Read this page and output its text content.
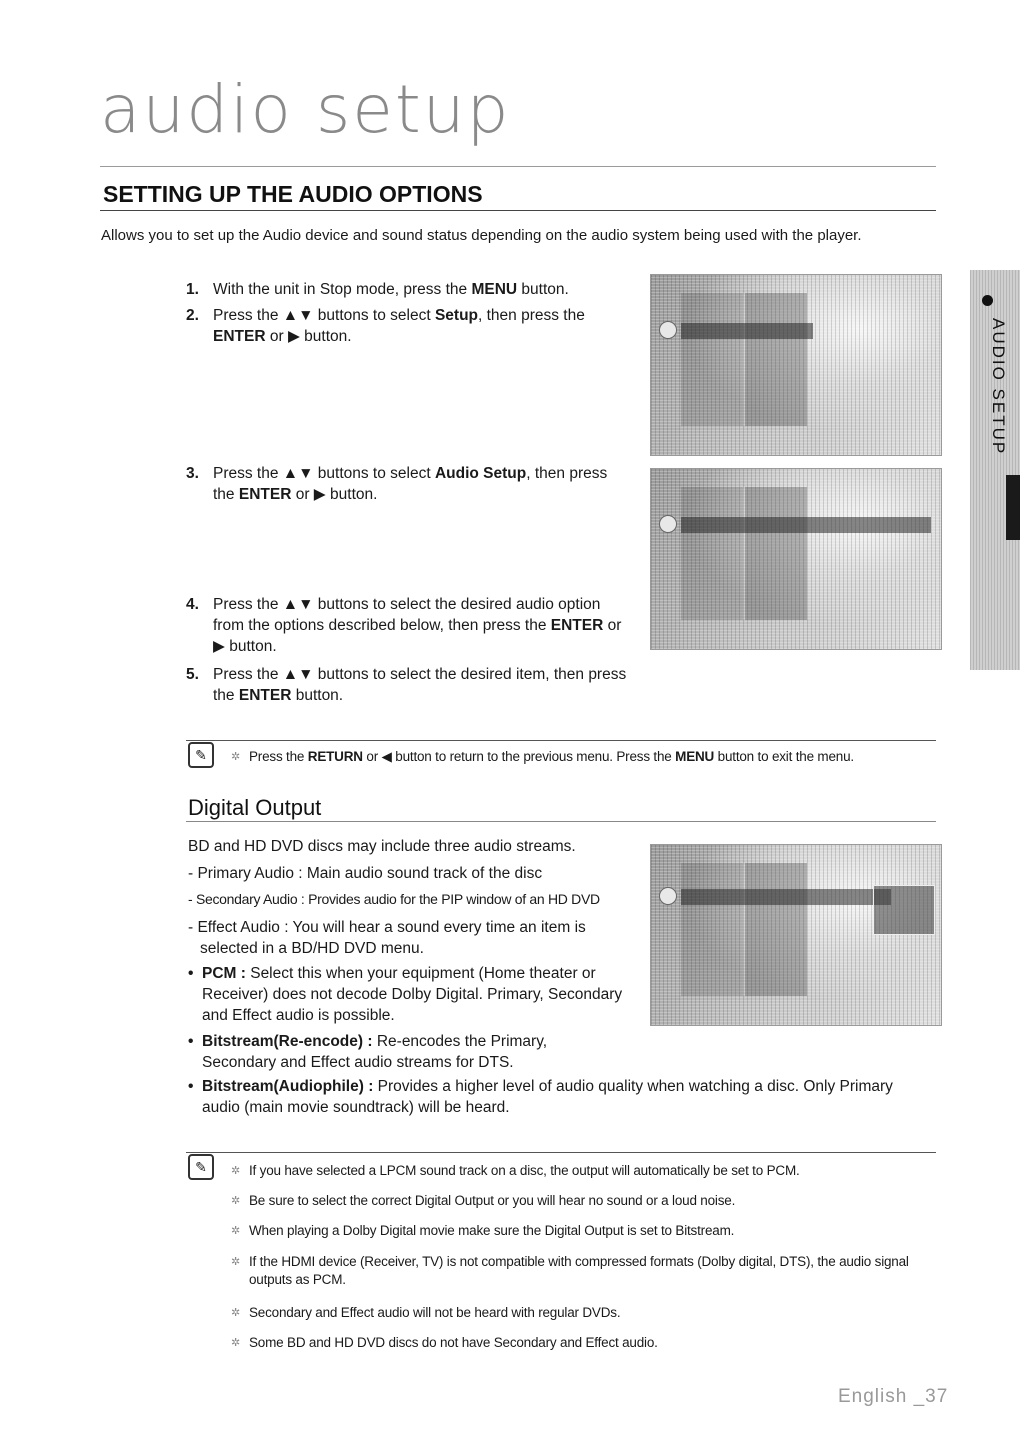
audio setup
SETTING UP THE AUDIO OPTIONS
Allows you to set up the Audio device and sound status depending on the audio system being used with the player.
1. With the unit in Stop mode, press the MENU button.
2. Press the ▲▼ buttons to select Setup, then press the ENTER or ▶ button.
3. Press the ▲▼ buttons to select Audio Setup, then press the ENTER or ▶ button.
4. Press the ▲▼ buttons to select the desired audio option from the options described below, then press the ENTER or ▶ button.
5. Press the ▲▼ buttons to select the desired item, then press the ENTER button.
AUDIO SETUP
✎	✲ Press the RETURN or ◀ button to return to the previous menu. Press the MENU button to exit the menu.
Digital Output
BD and HD DVD discs may include three audio streams.
- Primary Audio : Main audio sound track of the disc
- Secondary Audio : Provides audio for the PIP window of an HD DVD
- Effect Audio : You will hear a sound every time an item is selected in a BD/HD DVD menu.
• PCM : Select this when your equipment (Home theater or Receiver) does not decode Dolby Digital. Primary, Secondary and Effect audio is possible.
• Bitstream(Re-encode) : Re-encodes the Primary, Secondary and Effect audio streams for DTS.
• Bitstream(Audiophile) : Provides a higher level of audio quality when watching a disc. Only Primary audio (main movie soundtrack) will be heard.
✎	✲ If you have selected a LPCM sound track on a disc, the output will automatically be set to PCM.
✲ Be sure to select the correct Digital Output or you will hear no sound or a loud noise.
✲ When playing a Dolby Digital movie make sure the Digital Output is set to Bitstream.
✲ If the HDMI device (Receiver, TV) is not compatible with compressed formats (Dolby digital, DTS), the audio signal outputs as PCM.
✲ Secondary and Effect audio will not be heard with regular DVDs.
✲ Some BD and HD DVD discs do not have Secondary and Effect audio.
English _37
